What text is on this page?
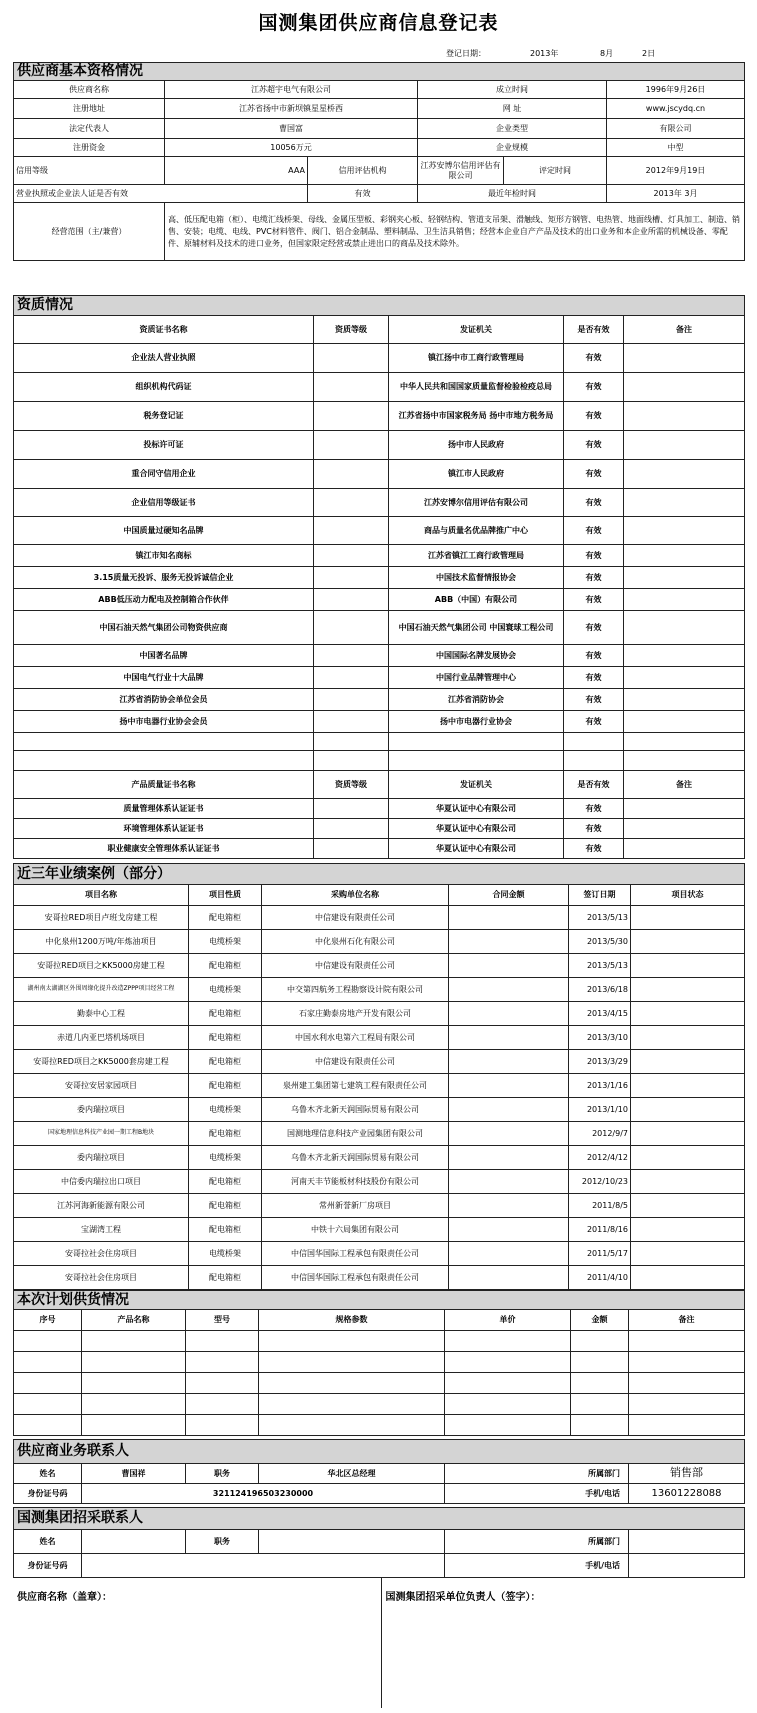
国测集团供应商信息登记表
登记日期：	2013年	8月	2日
供应商基本资格情况					
供应商名称	江苏超宇电气有限公司		成立时间		1996年9月26日
注册地址	江苏省扬中市新坝镇星星桥西		网 址		www.jscydq.cn
法定代表人	曹国富		企业类型		有限公司
注册资金	10056万元		企业规模		中型
信用等级	AAA	信用评估机构	江苏安博尔信用评估有限公司	评定时间	2012年9月19日
营业执照或企业法人证是否有效		有效	最近年检时间		2013年 3月
经营范围（主/兼营）	高、低压配电箱（柜）、电缆汇线桥架、母线、金属压型板、彩钢夹心板、轻钢结构、管道支吊架、滑触线、矩形方钢管、电热管、地面线槽、灯具加工、制造、销售、安装；电缆、电线、PVC材料管件、阀门、铝合金制品、塑料制品、卫生洁具销售；经营本企业自产产品及技术的出口业务和本企业所需的机械设备、零配件、原辅材料及技术的进口业务，但国家限定经营或禁止进出口的商品及技术除外。				
资质情况				
资质证书名称	资质等级	发证机关	是否有效	备注
企业法人营业执照		镇江扬中市工商行政管理局	有效	
组织机构代码证		中华人民共和国国家质量监督检验检疫总局	有效	
税务登记证		江苏省扬中市国家税务局 扬中市地方税务局	有效	
投标许可证		扬中市人民政府	有效	
重合同守信用企业		镇江市人民政府	有效	
企业信用等级证书		江苏安博尔信用评估有限公司	有效	
中国质量过硬知名品牌		商品与质量名优品牌推广中心	有效	
镇江市知名商标		江苏省镇江工商行政管理局	有效	
3.15质量无投诉、服务无投诉诚信企业		中国技术监督情报协会	有效	
ABB低压动力配电及控制箱合作伙伴		ABB（中国）有限公司	有效	
中国石油天然气集团公司物资供应商		中国石油天然气集团公司 中国寰球工程公司	有效	
中国著名品牌		中国国际名牌发展协会	有效	
中国电气行业十大品牌		中国行业品牌管理中心	有效	
江苏省消防协会单位会员		江苏省消防协会	有效	
扬中市电器行业协会会员		扬中市电器行业协会	有效	

产品质量证书名称	资质等级	发证机关	是否有效	备注
质量管理体系认证证书		华夏认证中心有限公司	有效	
环境管理体系认证证书		华夏认证中心有限公司	有效	
职业健康安全管理体系认证证书		华夏认证中心有限公司	有效	
近三年业绩案例（部分）					
项目名称	项目性质	采购单位名称	合同金额	签订日期	项目状态
安哥拉RED项目卢班戈房建工程	配电箱柜	中信建设有限责任公司		2013/5/13	
中化泉州1200万吨/年炼油项目	电缆桥架	中化泉州石化有限公司		2013/5/30	
安哥拉RED项目之KK5000房建工程	配电箱柜	中信建设有限责任公司		2013/5/13	
湖州南太湖湖区外围周缘化提升改造ZPPP项目经营工程	电缆桥架	中交第四航务工程勘察设计院有限公司		2013/6/18	
勤泰中心工程	配电箱柜	石家庄勤泰房地产开发有限公司		2013/4/15	
赤道几内亚巴塔机场项目	配电箱柜	中国水利水电第六工程局有限公司		2013/3/10	
安哥拉RED项目之KK5000套房建工程	配电箱柜	中信建设有限责任公司		2013/3/29	
安哥拉安居家园项目	配电箱柜	泉州建工集团第七建筑工程有限责任公司		2013/1/16	
委内瑞拉项目	电缆桥架	乌鲁木齐北新天润国际贸易有限公司		2013/1/10	
国家地理信息科技产业园一期工程B地块	配电箱柜	国测地理信息科技产业园集团有限公司		2012/9/7	
委内瑞拉项目	电缆桥架	乌鲁木齐北新天润国际贸易有限公司		2012/4/12	
中信委内瑞拉出口项目	配电箱柜	河南天丰节能板材科技股份有限公司		2012/10/23	
江苏河海新能源有限公司	配电箱柜	常州新誉新厂房项目		2011/8/5	
宝湖湾工程	配电箱柜	中铁十六局集团有限公司		2011/8/16	
安哥拉社会住房项目	电缆桥架	中信国华国际工程承包有限责任公司		2011/5/17	
安哥拉社会住房项目	配电箱柜	中信国华国际工程承包有限责任公司		2011/4/10	
本次计划供货情况						
序号	产品名称	型号	规格参数	单价	金额	备注

供应商业务联系人					
姓名	曹国祥	职务	华北区总经理	所属部门	销售部
身份证号码	321124196503230000			手机/电话	13601228088
国测集团招采联系人					
姓名		职务		所属部门	
身份证号码				手机/电话	
供应商名称（盖章）：	国测集团招采单位负责人（签字）：
